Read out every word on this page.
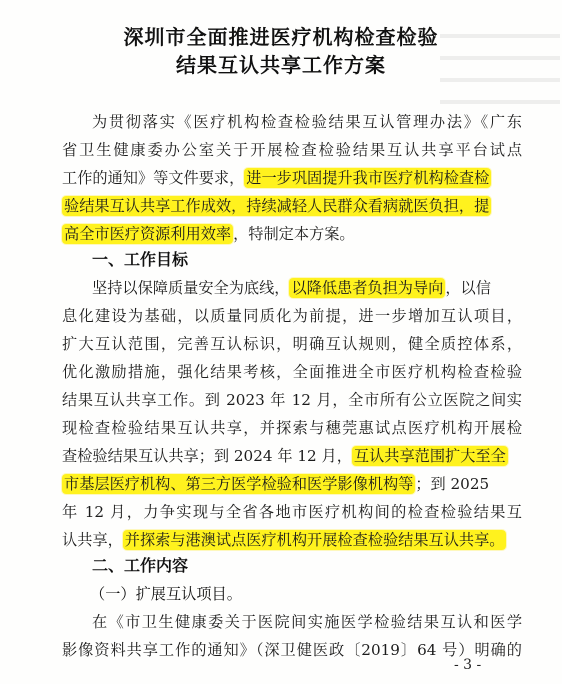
深圳市全面推进医疗机构检查检验
结果互认共享工作方案
为贯彻落实《医疗机构检查检验结果互认管理办法》《广东
省卫生健康委办公室关于开展检查检验结果互认共享平台试点
工作的通知》等文件要求， 进一步巩固提升我市医疗机构检查检
验结果互认共享工作成效，持续减轻人民群众看病就医负担，提
高全市医疗资源利用效率 ，特制定本方案。
一、工作目标
坚持以保障质量安全为底线， 以降低患者负担为导向 ，以信
息化建设为基础，以质量同质化为前提，进一步增加互认项目，
扩大互认范围，完善互认标识，明确互认规则，健全质控体系，
优化激励措施，强化结果考核，全面推进全市医疗机构检查检验
结果互认共享工作。到 2023 年 12 月，全市所有公立医院之间实
现检查检验结果互认共享，并探索与穗莞惠试点医疗机构开展检
查检验结果互认共享；到 2024 年 12 月， 互认共享范围扩大至全
市基层医疗机构、第三方医学检验和医学影像机构等 ；到 2025
年 12 月，力争实现与全省各地市医疗机构间的检查检验结果互
认共享， 并探索与港澳试点医疗机构开展检查检验结果互认共享。
二、工作内容
（一）扩展互认项目。
在《市卫生健康委关于医院间实施医学检验结果互认和医学
影像资料共享工作的通知》（深卫健医政〔2019〕64 号）明确的
- 3 -
